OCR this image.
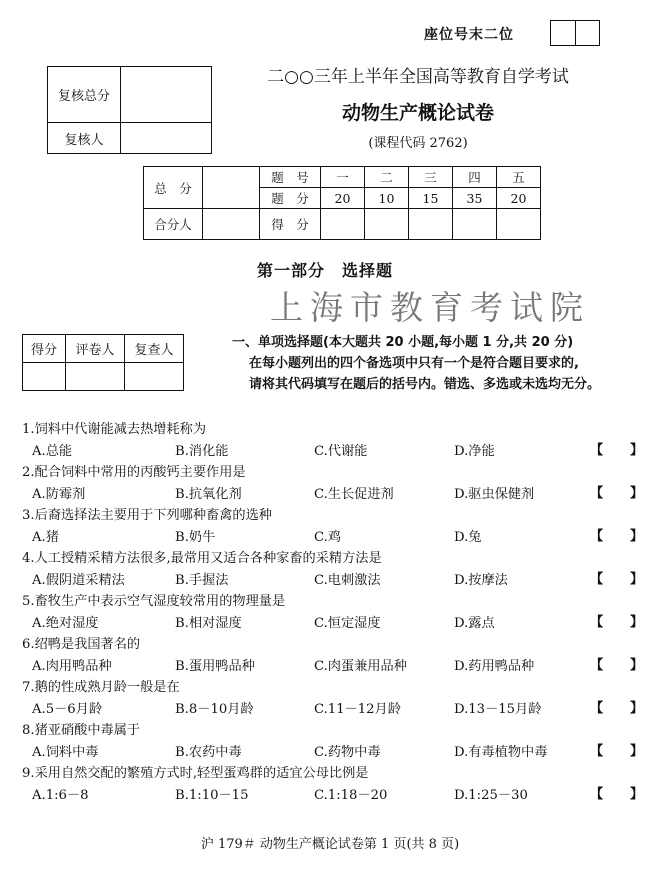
座位号末二位
复核总分	
复核人	
二○○三年上半年全国高等教育自学考试
动物生产概论试卷
(课程代码 2762)
总　分		题　号	一	二	三	四	五
		题　分	20	10	15	35	20
合分人		得　分					
第一部分　选择题
上海市教育考试院
得分	评卷人	复查人

一、单项选择题(本大题共 20 小题,每小题 1 分,共 20 分)
在每小题列出的四个备选项中只有一个是符合题目要求的,
请将其代码填写在题后的括号内。错选、多选或未选均无分。
1.饲料中代谢能减去热增耗称为
A.总能	B.消化能	C.代谢能	D.净能	【 】
2.配合饲料中常用的丙酸钙主要作用是
A.防霉剂	B.抗氧化剂	C.生长促进剂	D.驱虫保健剂	【 】
3.后裔选择法主要用于下列哪种畜禽的选种
A.猪	B.奶牛	C.鸡	D.兔	【 】
4.人工授精采精方法很多,最常用又适合各种家畜的采精方法是
A.假阴道采精法	B.手握法	C.电刺激法	D.按摩法	【 】
5.畜牧生产中表示空气湿度较常用的物理量是
A.绝对湿度	B.相对湿度	C.恒定湿度	D.露点	【 】
6.绍鸭是我国著名的
A.肉用鸭品种	B.蛋用鸭品种	C.肉蛋兼用品种	D.药用鸭品种	【 】
7.鹅的性成熟月龄一般是在
A.5－6月龄	B.8－10月龄	C.11－12月龄	D.13－15月龄	【 】
8.猪亚硝酸中毒属于
A.饲料中毒	B.农药中毒	C.药物中毒	D.有毒植物中毒	【 】
9.采用自然交配的繁殖方式时,轻型蛋鸡群的适宜公母比例是
A.1:6－8	B.1:10－15	C.1:18－20	D.1:25－30	【 】
沪 179＃ 动物生产概论试卷第 1 页(共 8 页)
